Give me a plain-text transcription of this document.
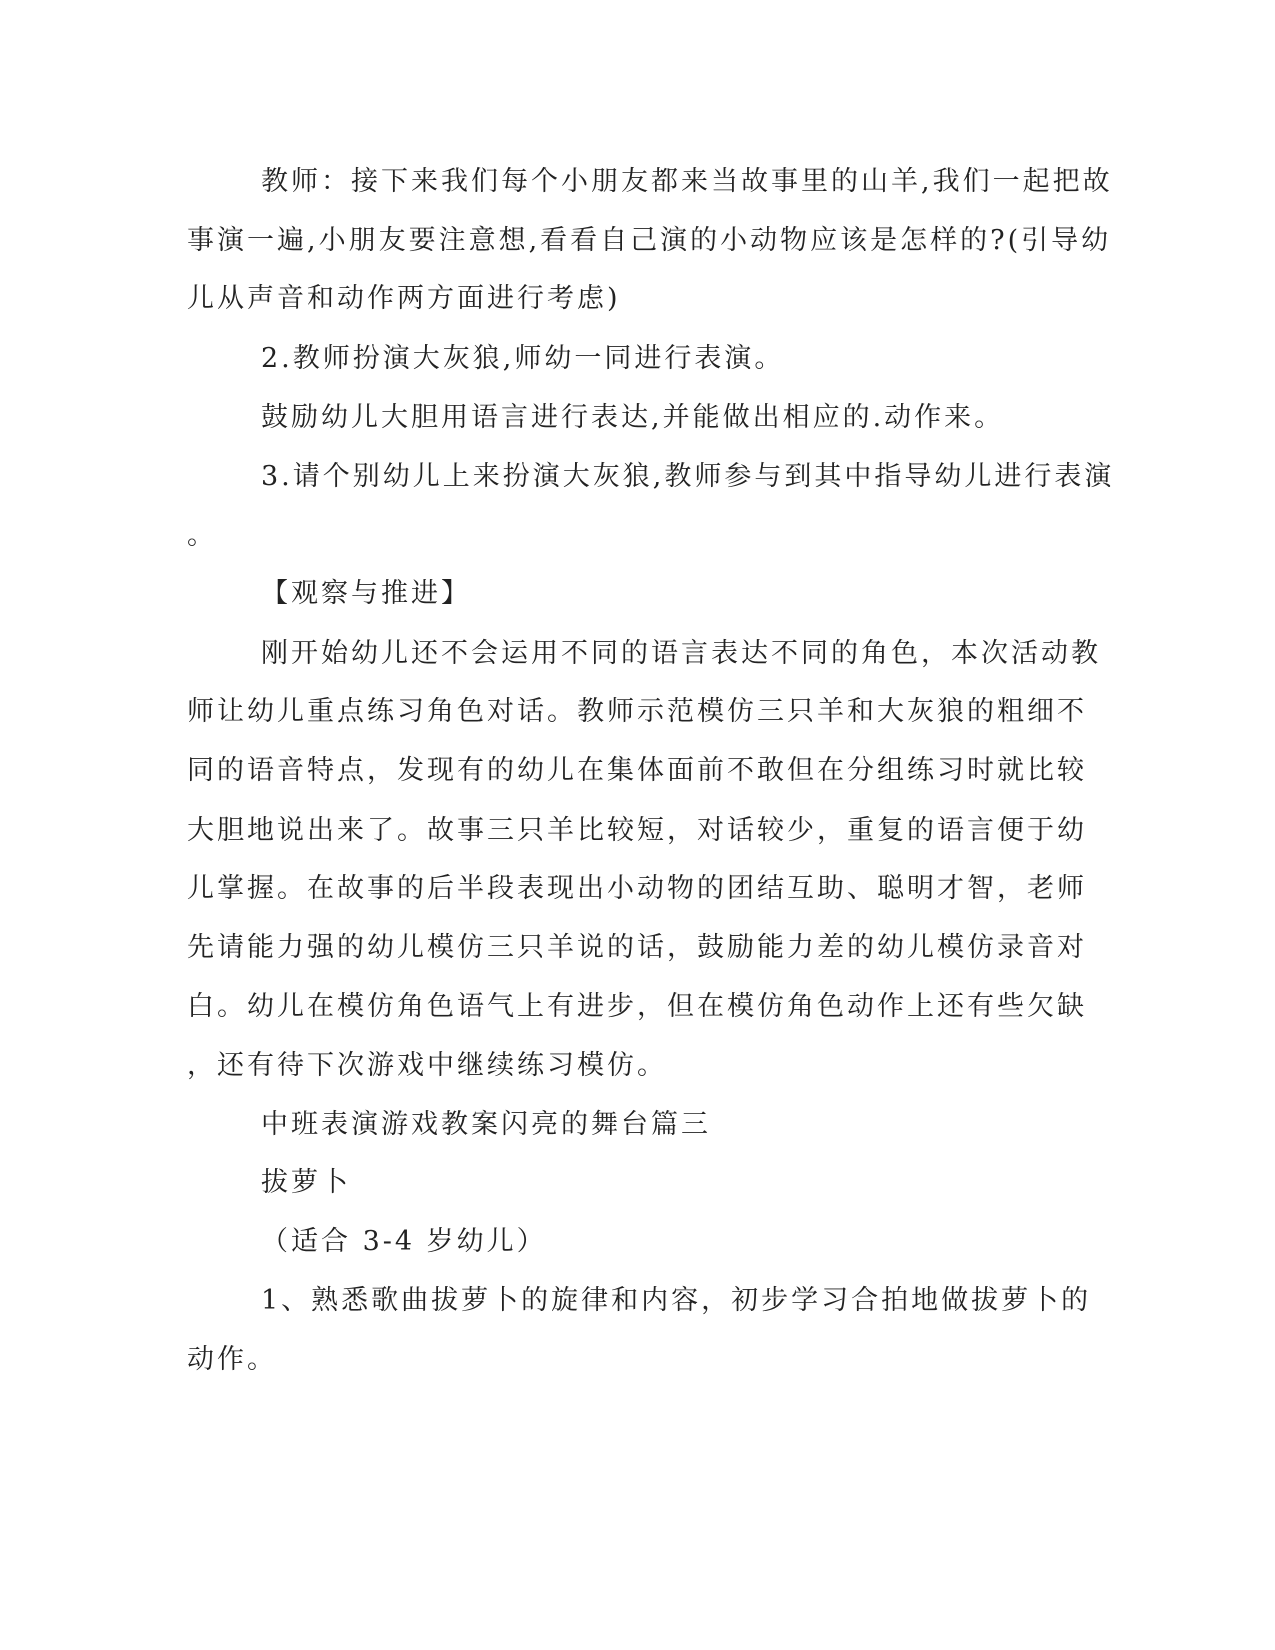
教师：接下来我们每个小朋友都来当故事里的山羊,我们一起把故
事演一遍,小朋友要注意想,看看自己演的小动物应该是怎样的?(引导幼
儿从声音和动作两方面进行考虑)
2.教师扮演大灰狼,师幼一同进行表演。
鼓励幼儿大胆用语言进行表达,并能做出相应的.动作来。
3.请个别幼儿上来扮演大灰狼,教师参与到其中指导幼儿进行表演
。
【观察与推进】
刚开始幼儿还不会运用不同的语言表达不同的角色，本次活动教
师让幼儿重点练习角色对话。教师示范模仿三只羊和大灰狼的粗细不
同的语音特点，发现有的幼儿在集体面前不敢但在分组练习时就比较
大胆地说出来了。故事三只羊比较短，对话较少，重复的语言便于幼
儿掌握。在故事的后半段表现出小动物的团结互助、聪明才智，老师
先请能力强的幼儿模仿三只羊说的话，鼓励能力差的幼儿模仿录音对
白。幼儿在模仿角色语气上有进步，但在模仿角色动作上还有些欠缺
，还有待下次游戏中继续练习模仿。
中班表演游戏教案闪亮的舞台篇三
拔萝卜
（适合 3-4 岁幼儿）
1、熟悉歌曲拔萝卜的旋律和内容，初步学习合拍地做拔萝卜的
动作。
